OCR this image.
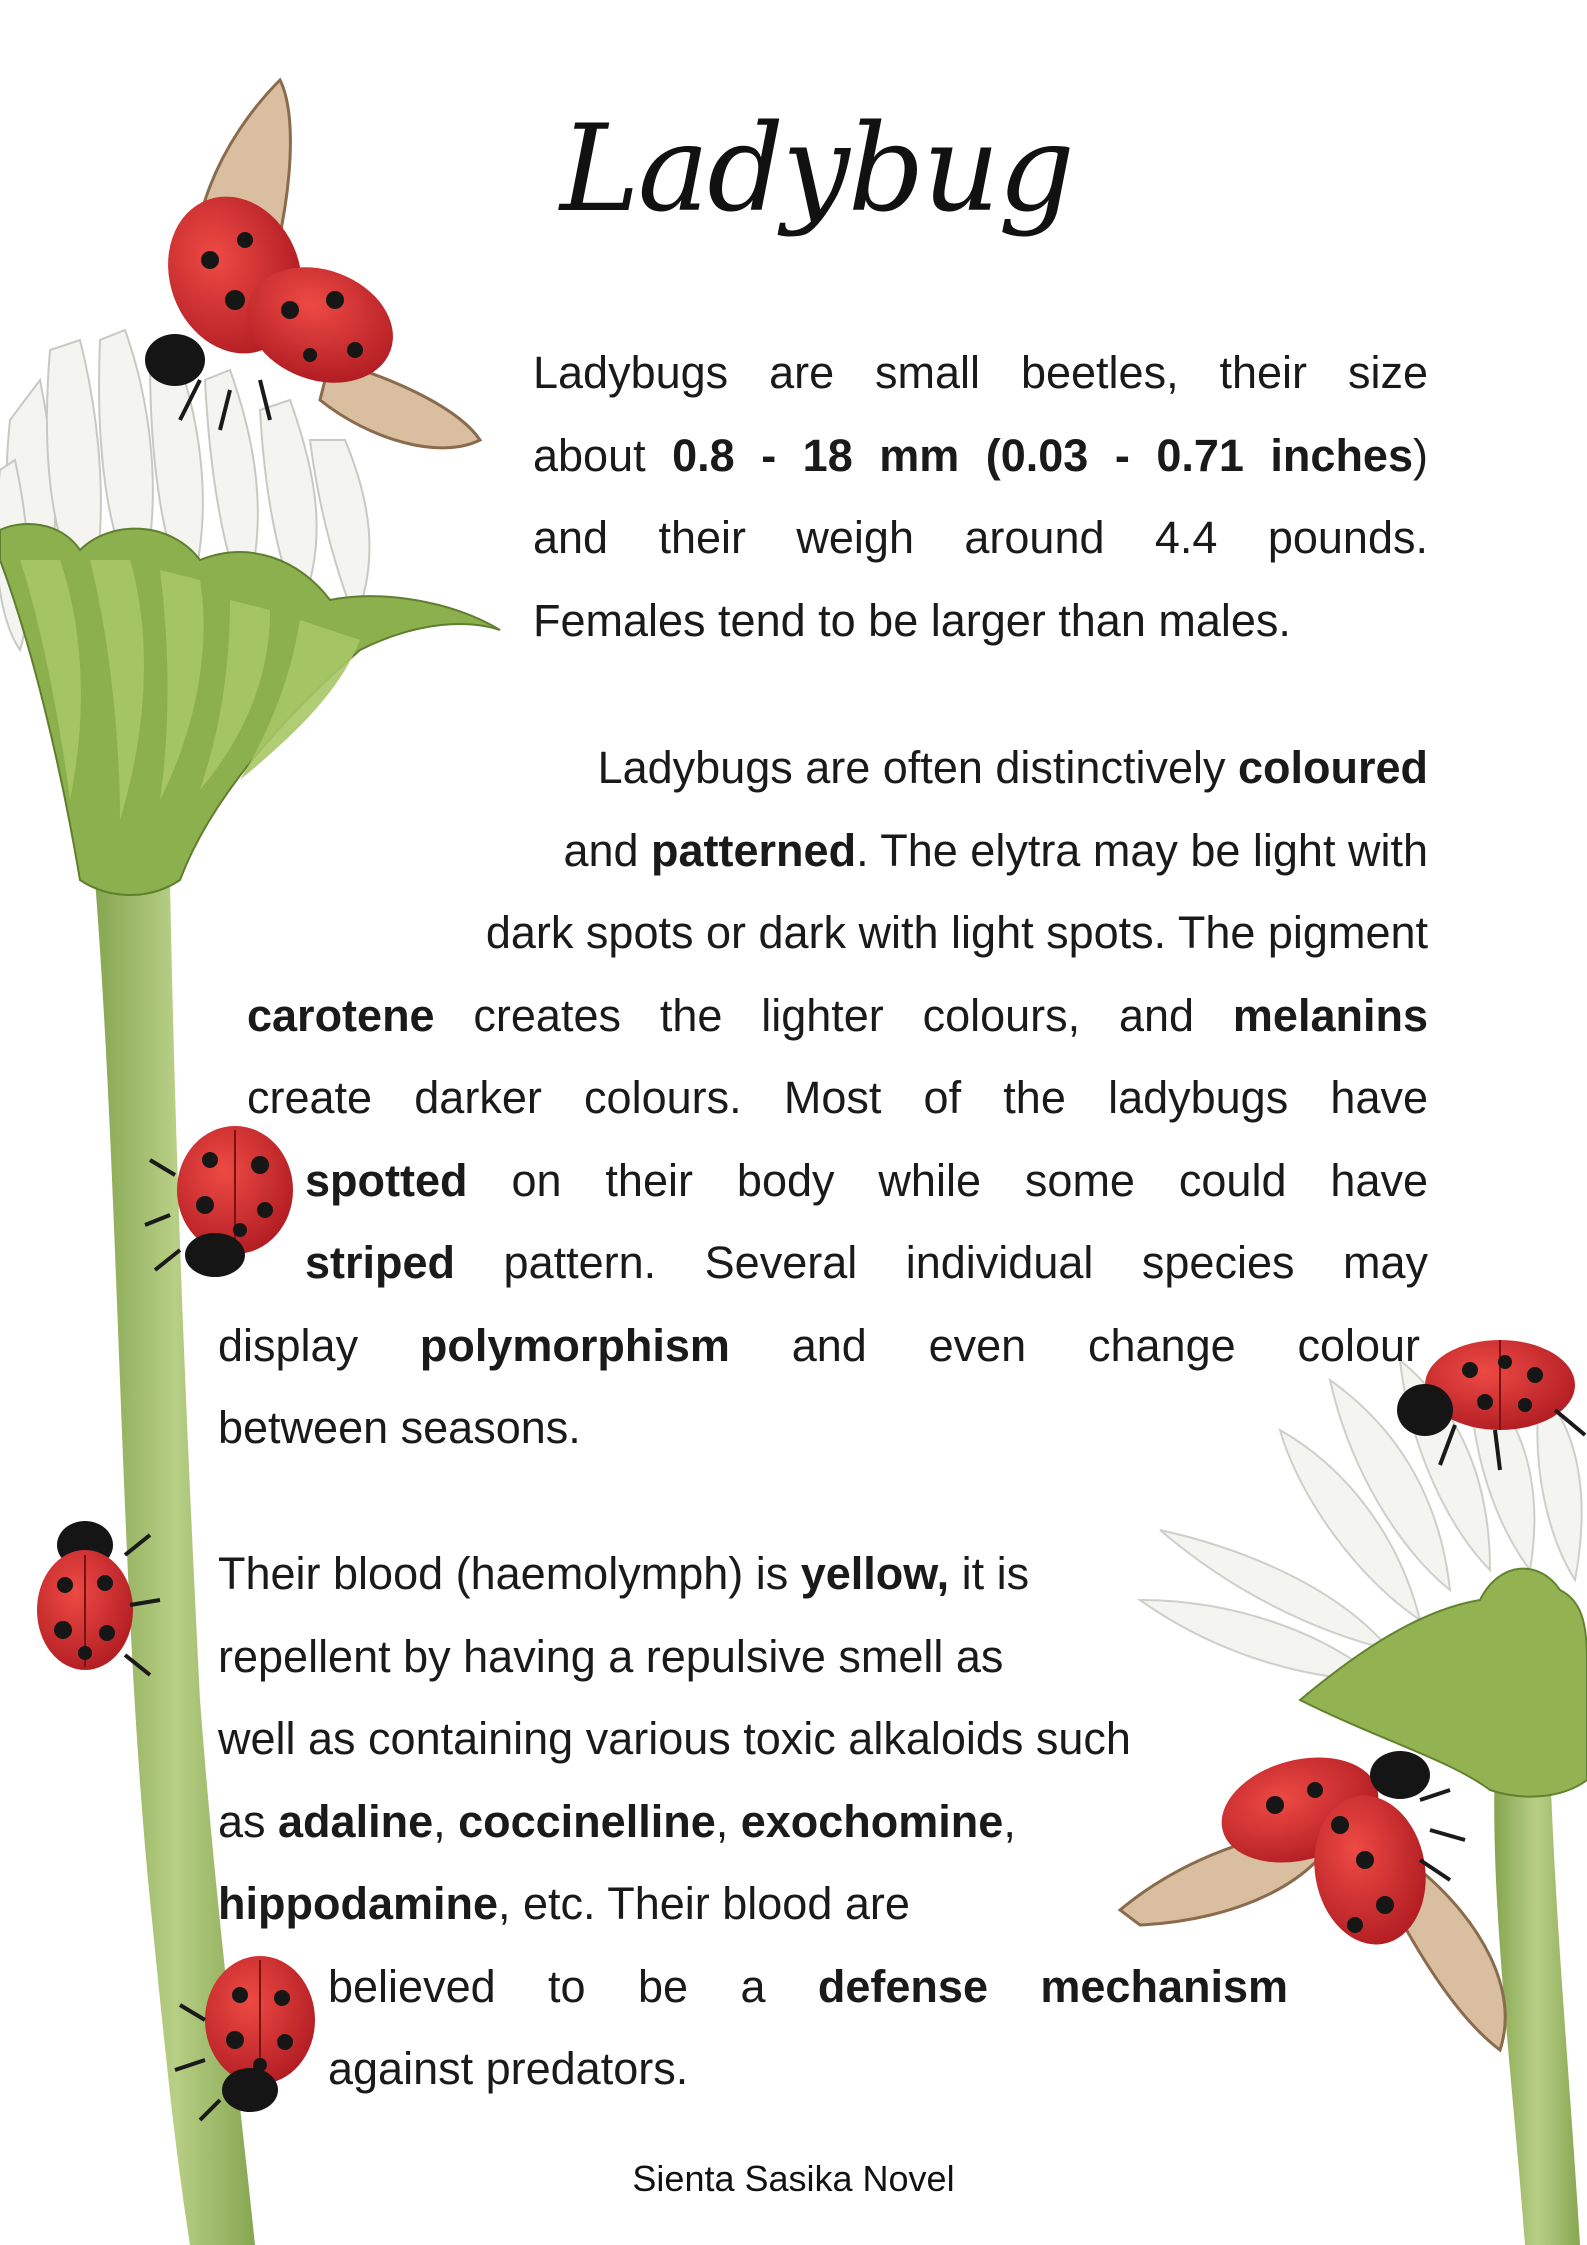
Ladybug
Ladybugs are small beetles, their size
about 0.8 - 18 mm (0.03 - 0.71 inches)
and their weigh around 4.4 pounds.
Females tend to be larger than males.
Ladybugs are often distinctively coloured
and patterned. The elytra may be light with
dark spots or dark with light spots. The pigment
carotene creates the lighter colours, and melanins
create darker colours. Most of the ladybugs have
spotted on their body while some could have
striped pattern. Several individual species may
display polymorphism and even change colour
between seasons.
Their blood (haemolymph) is yellow, it is
repellent by having a repulsive smell as
well as containing various toxic alkaloids such
as adaline, coccinelline, exochomine,
hippodamine, etc. Their blood are
believed to be a defense mechanism
against predators.
Sienta Sasika Novel
